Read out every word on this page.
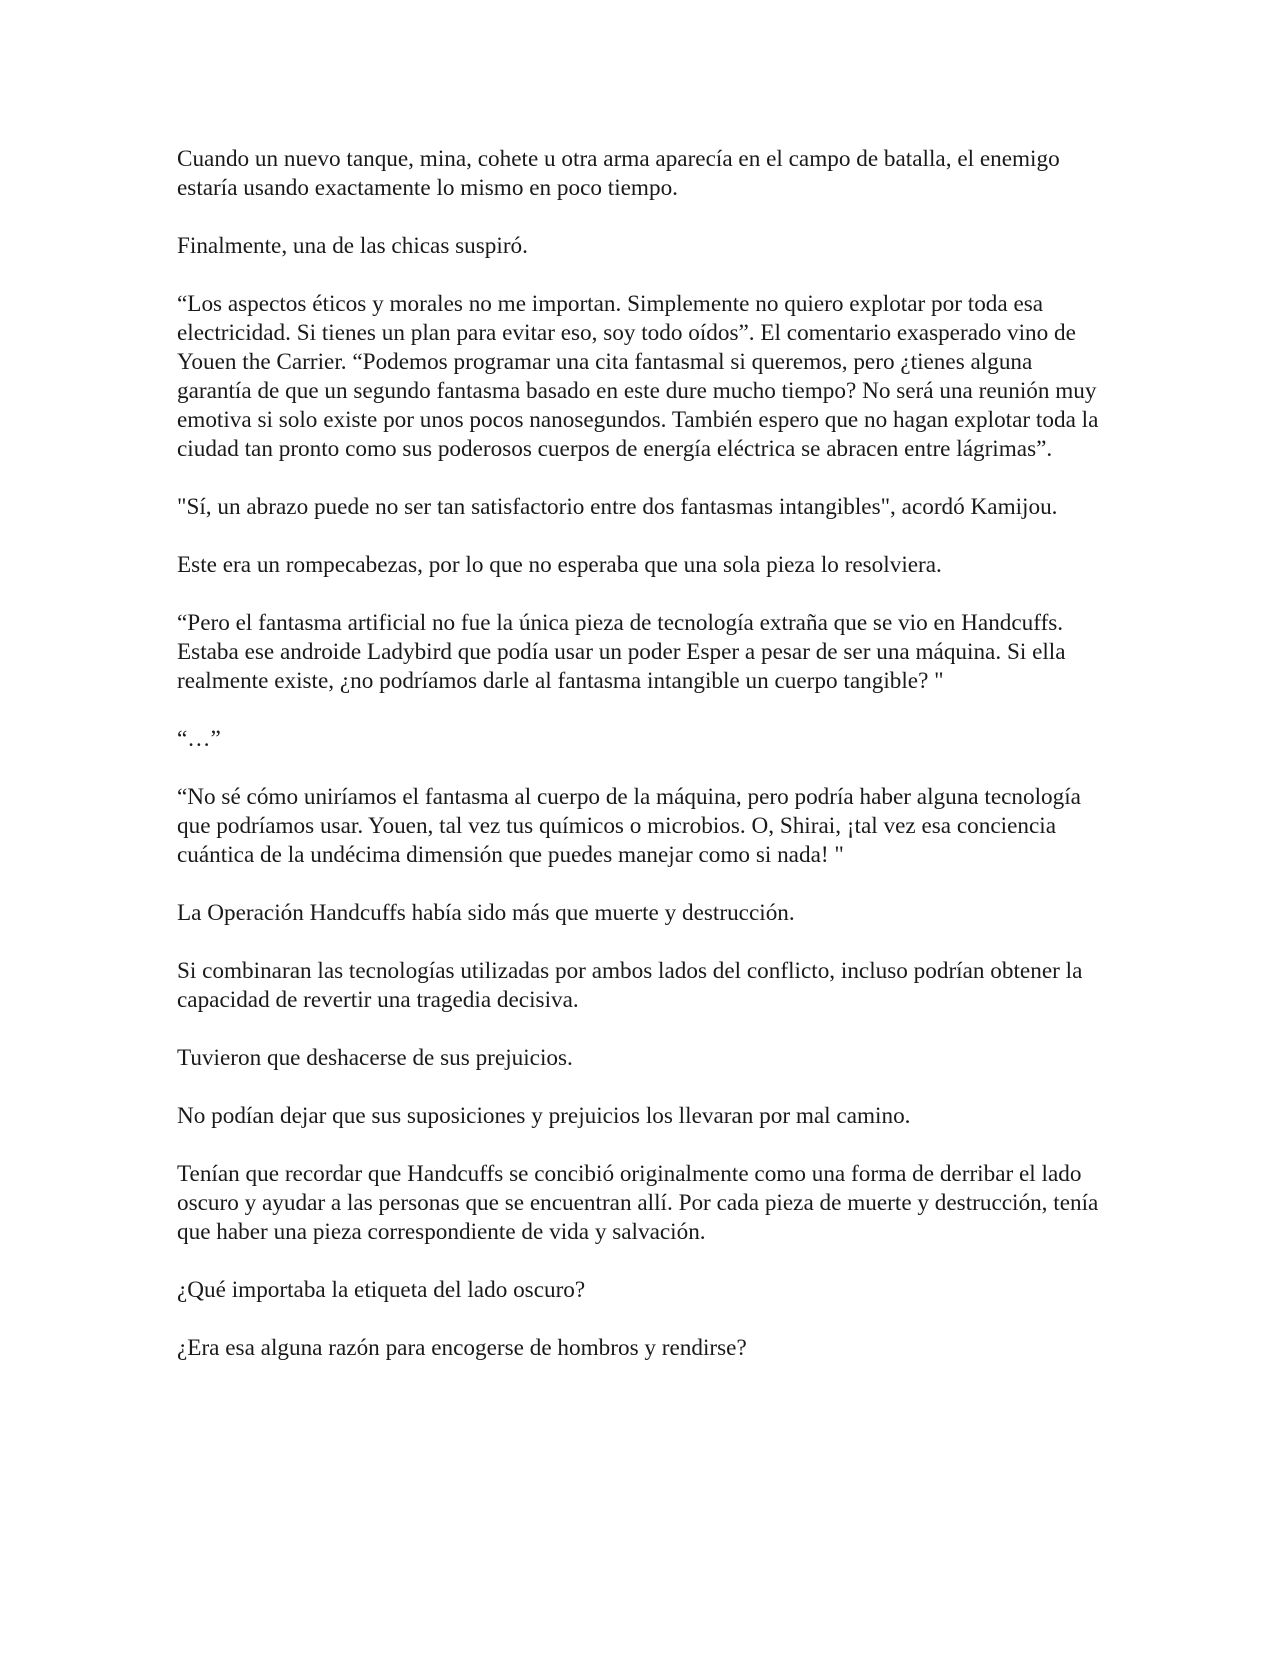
Cuando un nuevo tanque, mina, cohete u otra arma aparecía en el campo de batalla, el enemigo estaría usando exactamente lo mismo en poco tiempo.

Finalmente, una de las chicas suspiró.

“Los aspectos éticos y morales no me importan. Simplemente no quiero explotar por toda esa electricidad. Si tienes un plan para evitar eso, soy todo oídos”. El comentario exasperado vino de Youen the Carrier. “Podemos programar una cita fantasmal si queremos, pero ¿tienes alguna garantía de que un segundo fantasma basado en este dure mucho tiempo? No será una reunión muy emotiva si solo existe por unos pocos nanosegundos. También espero que no hagan explotar toda la ciudad tan pronto como sus poderosos cuerpos de energía eléctrica se abracen entre lágrimas”.

"Sí, un abrazo puede no ser tan satisfactorio entre dos fantasmas intangibles", acordó Kamijou.

Este era un rompecabezas, por lo que no esperaba que una sola pieza lo resolviera.

“Pero el fantasma artificial no fue la única pieza de tecnología extraña que se vio en Handcuffs. Estaba ese androide Ladybird que podía usar un poder Esper a pesar de ser una máquina. Si ella realmente existe, ¿no podríamos darle al fantasma intangible un cuerpo tangible? "

“…”

“No sé cómo uniríamos el fantasma al cuerpo de la máquina, pero podría haber alguna tecnología que podríamos usar. Youen, tal vez tus químicos o microbios. O, Shirai, ¡tal vez esa conciencia cuántica de la undécima dimensión que puedes manejar como si nada! "

La Operación Handcuffs había sido más que muerte y destrucción.

Si combinaran las tecnologías utilizadas por ambos lados del conflicto, incluso podrían obtener la capacidad de revertir una tragedia decisiva.

Tuvieron que deshacerse de sus prejuicios.

No podían dejar que sus suposiciones y prejuicios los llevaran por mal camino.

Tenían que recordar que Handcuffs se concibió originalmente como una forma de derribar el lado oscuro y ayudar a las personas que se encuentran allí. Por cada pieza de muerte y destrucción, tenía que haber una pieza correspondiente de vida y salvación.

¿Qué importaba la etiqueta del lado oscuro?

¿Era esa alguna razón para encogerse de hombros y rendirse?
